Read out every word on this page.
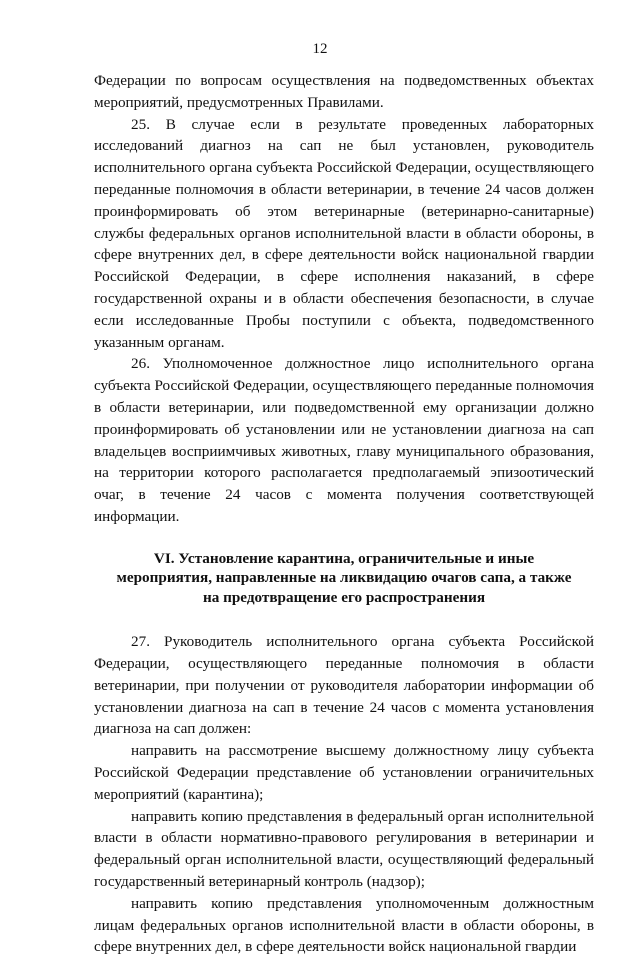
12

Федерации по вопросам осуществления на подведомственных объектах мероприятий, предусмотренных Правилами.

25. В случае если в результате проведенных лабораторных исследований диагноз на сап не был установлен, руководитель исполнительного органа субъекта Российской Федерации, осуществляющего переданные полномочия в области ветеринарии, в течение 24 часов должен проинформировать об этом ветеринарные (ветеринарно-санитарные) службы федеральных органов исполнительной власти в области обороны, в сфере внутренних дел, в сфере деятельности войск национальной гвардии Российской Федерации, в сфере исполнения наказаний, в сфере государственной охраны и в области обеспечения безопасности, в случае если исследованные Пробы поступили с объекта, подведомственного указанным органам.

26. Уполномоченное должностное лицо исполнительного органа субъекта Российской Федерации, осуществляющего переданные полномочия в области ветеринарии, или подведомственной ему организации должно проинформировать об установлении или не установлении диагноза на сап владельцев восприимчивых животных, главу муниципального образования, на территории которого располагается предполагаемый эпизоотический очаг, в течение 24 часов с момента получения соответствующей информации.

VI. Установление карантина, ограничительные и иные
мероприятия, направленные на ликвидацию очагов сапа, а также
на предотвращение его распространения

27. Руководитель исполнительного органа субъекта Российской Федерации, осуществляющего переданные полномочия в области ветеринарии, при получении от руководителя лаборатории информации об установлении диагноза на сап в течение 24 часов с момента установления диагноза на сап должен:

направить на рассмотрение высшему должностному лицу субъекта Российской Федерации представление об установлении ограничительных мероприятий (карантина);

направить копию представления в федеральный орган исполнительной власти в области нормативно-правового регулирования в ветеринарии и федеральный орган исполнительной власти, осуществляющий федеральный государственный ветеринарный контроль (надзор);

направить копию представления уполномоченным должностным лицам федеральных органов исполнительной власти в области обороны, в сфере внутренних дел, в сфере деятельности войск национальной гвардии
